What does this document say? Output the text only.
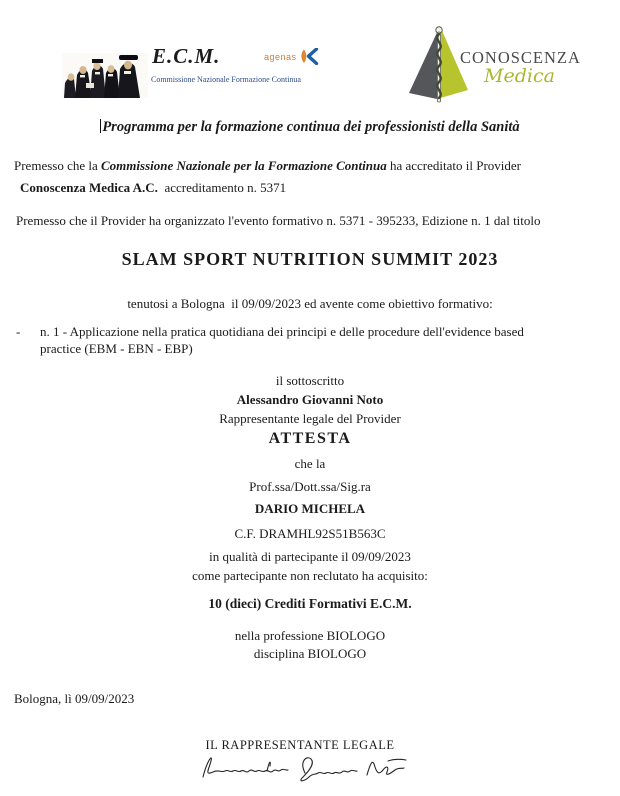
E.C.M.
Commissione Nazionale Formazione Continua
agenas	CONOSCENZA
Medica
Programma per la formazione continua dei professionisti della Sanità
Premesso che la Commissione Nazionale per la Formazione Continua ha accreditato il Provider
Conoscenza Medica A.C.  accreditamento n. 5371
Premesso che il Provider ha organizzato l'evento formativo n. 5371 - 395233, Edizione n. 1 dal titolo
SLAM SPORT NUTRITION SUMMIT 2023
tenutosi a Bologna  il 09/09/2023 ed avente come obiettivo formativo:
-	n. 1 - Applicazione nella pratica quotidiana dei principi e delle procedure dell'evidence based
practice (EBM - EBN - EBP)
il sottoscritto
Alessandro Giovanni Noto
Rappresentante legale del Provider
ATTESTA
che la
Prof.ssa/Dott.ssa/Sig.ra
DARIO MICHELA
C.F. DRAMHL92S51B563C
in qualità di partecipante il 09/09/2023
come partecipante non reclutato ha acquisito:
10 (dieci) Crediti Formativi E.C.M.
nella professione BIOLOGO
disciplina BIOLOGO
Bologna, lì 09/09/2023
IL RAPPRESENTANTE LEGALE
